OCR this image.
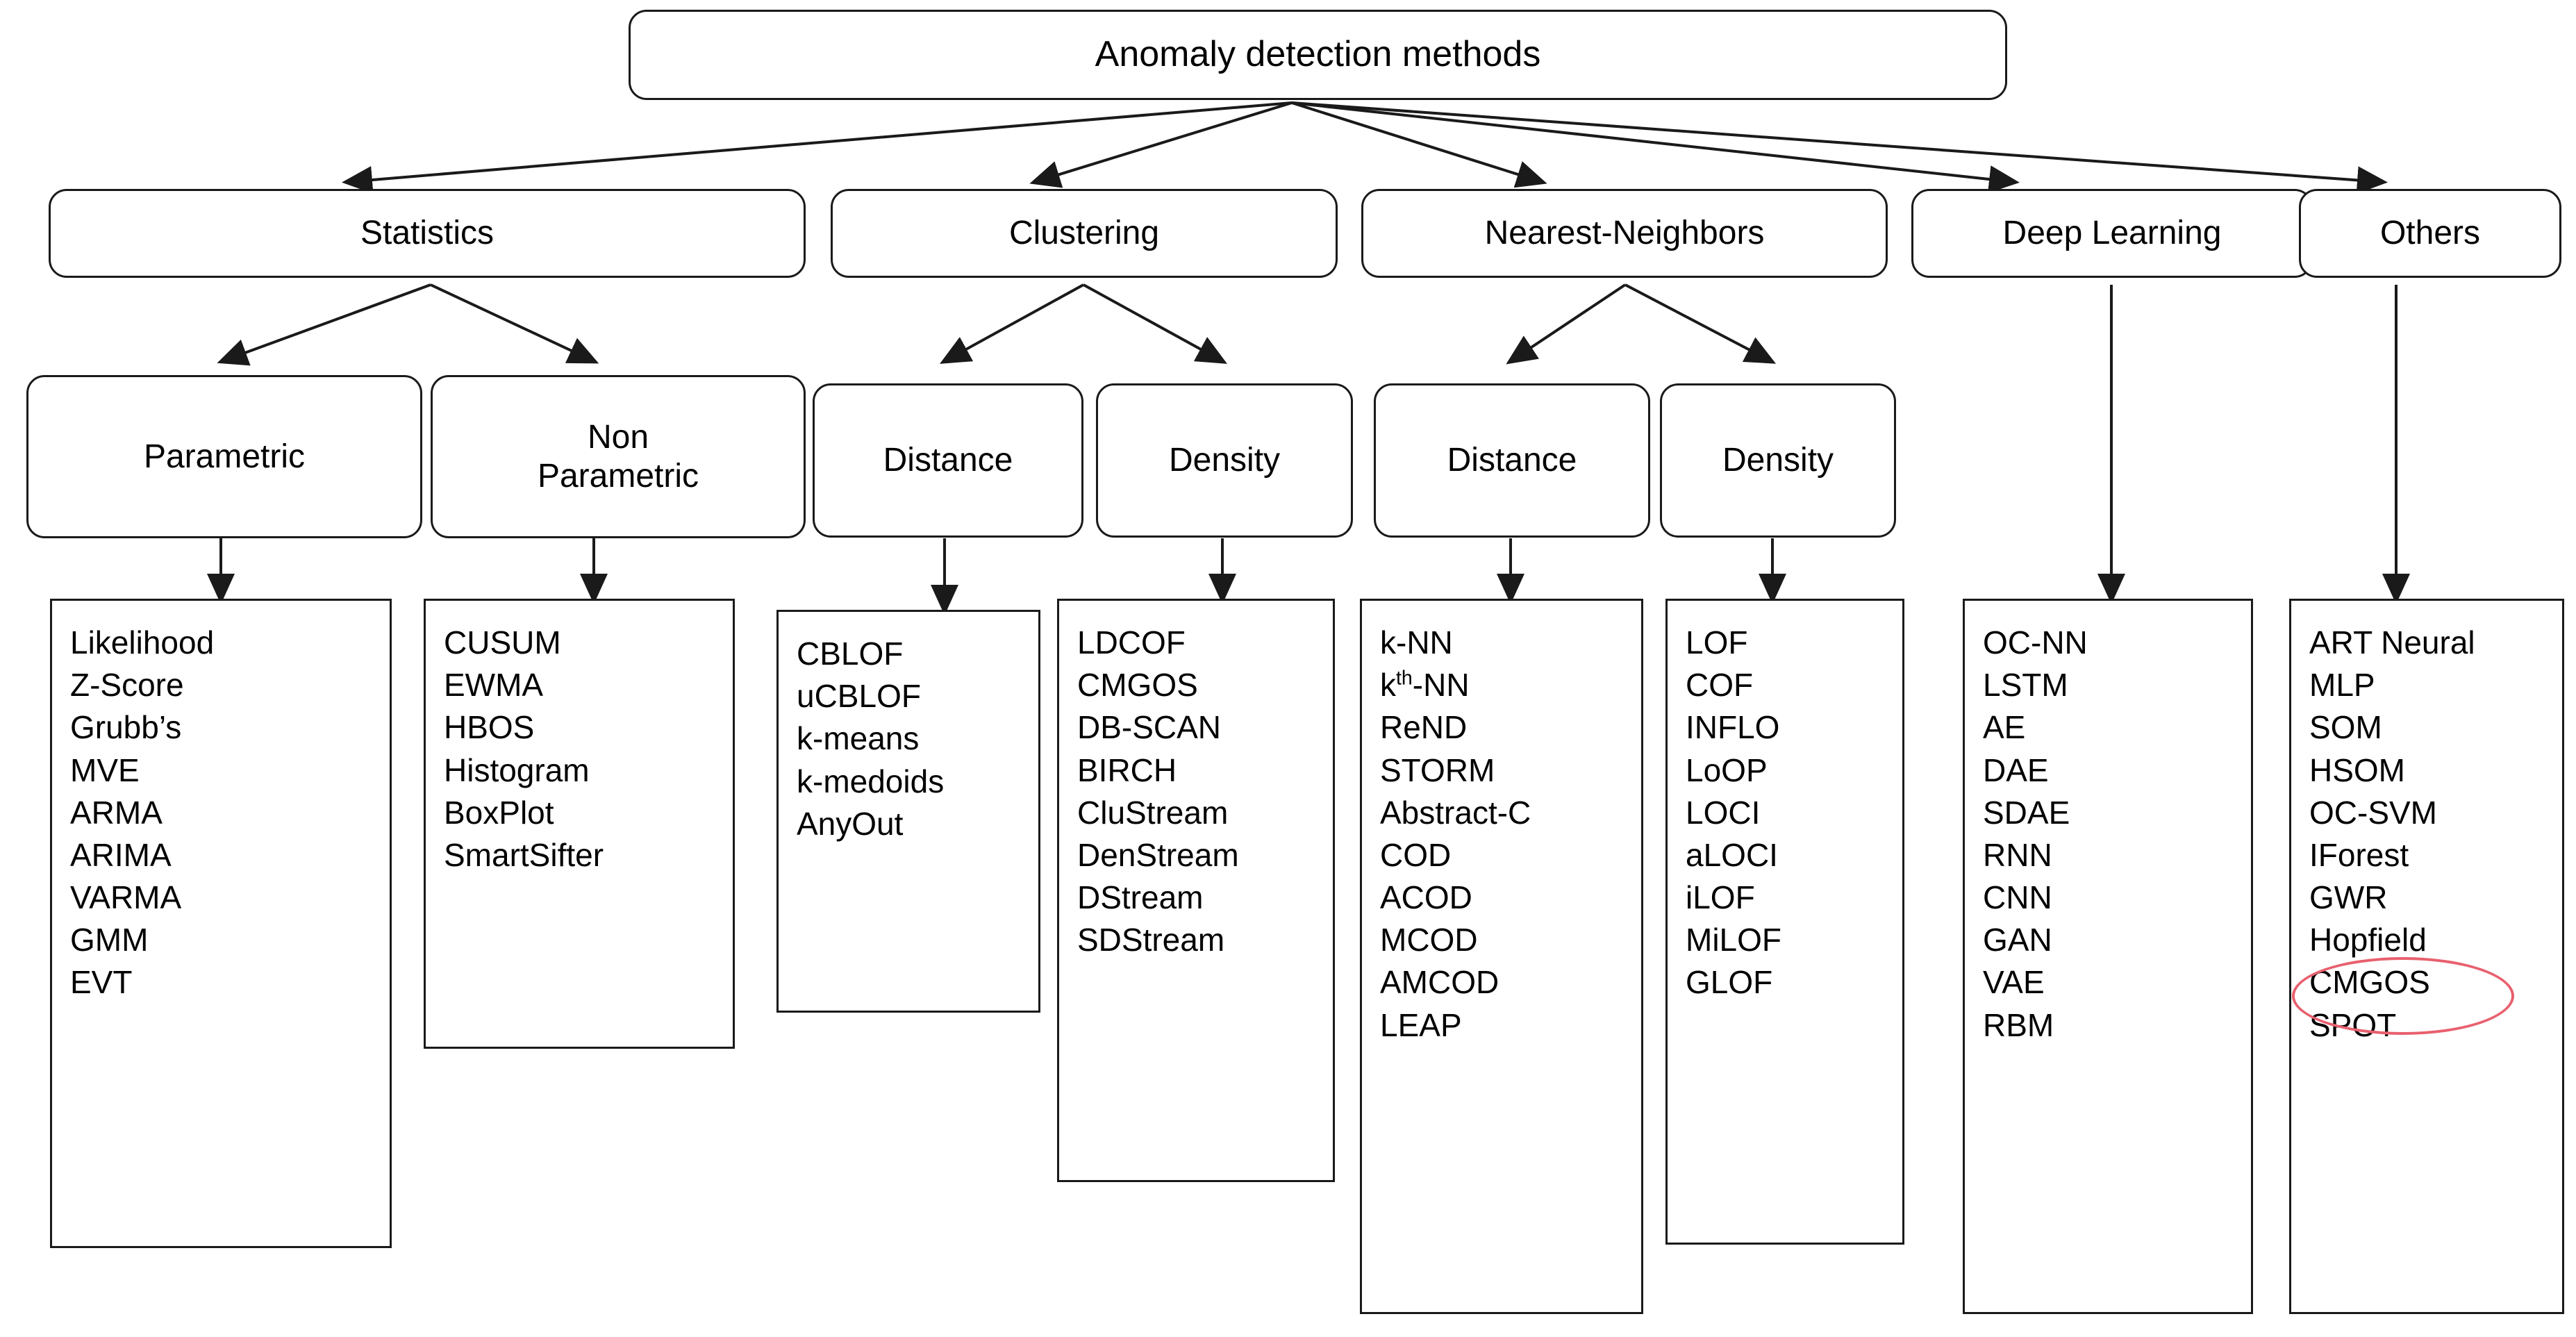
Anomaly detection methods
Statistics	Clustering	Nearest-Neighbors	Deep Learning	Others
Parametric
Non
Parametric	Distance	Density	Distance	Density
Likelihood
Z-Score
Grubb’s
MVE
ARMA
ARIMA
VARMA
GMM
EVT
CUSUM
EWMA
HBOS
Histogram
BoxPlot
SmartSifter
CBLOF
uCBLOF
k-means
k-medoids
AnyOut
LDCOF
CMGOS
DB-SCAN
BIRCH
CluStream
DenStream
DStream
SDStream
k-NN
$k^{th}-NN$
ReND
STORM
Abstract-C
COD
ACOD
MCOD
AMCOD
LEAP
LOF
COF
INFLO
LoOP
LOCI
aLOCI
iLOF
MiLOF
GLOF
OC-NN
LSTM
AE
DAE
SDAE
RNN
CNN
GAN
VAE
RBM
ART Neural
MLP
SOM
HSOM
OC-SVM
IForest
GWR
Hopfield
CMGOS
SPOT
